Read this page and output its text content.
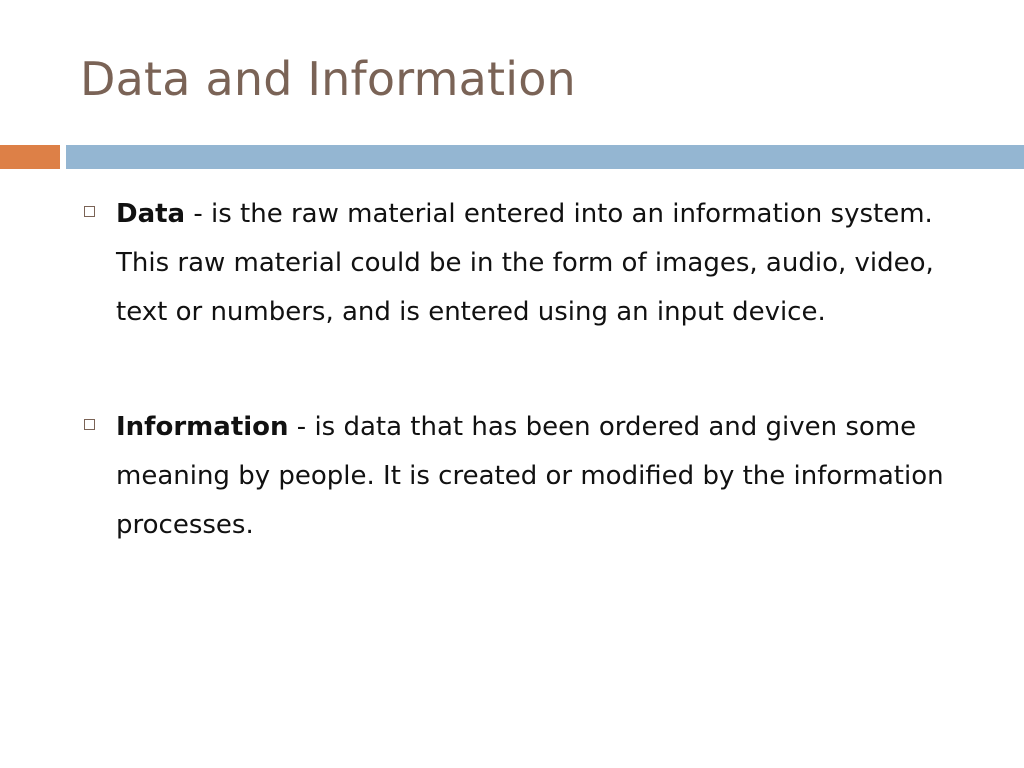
Data and Information
Data - is the raw material entered into an information system. This raw material could be in the form of images, audio, video, text or numbers, and is entered using an input device.
Information - is data that has been ordered and given some meaning by people. It is created or modified by the information processes.
